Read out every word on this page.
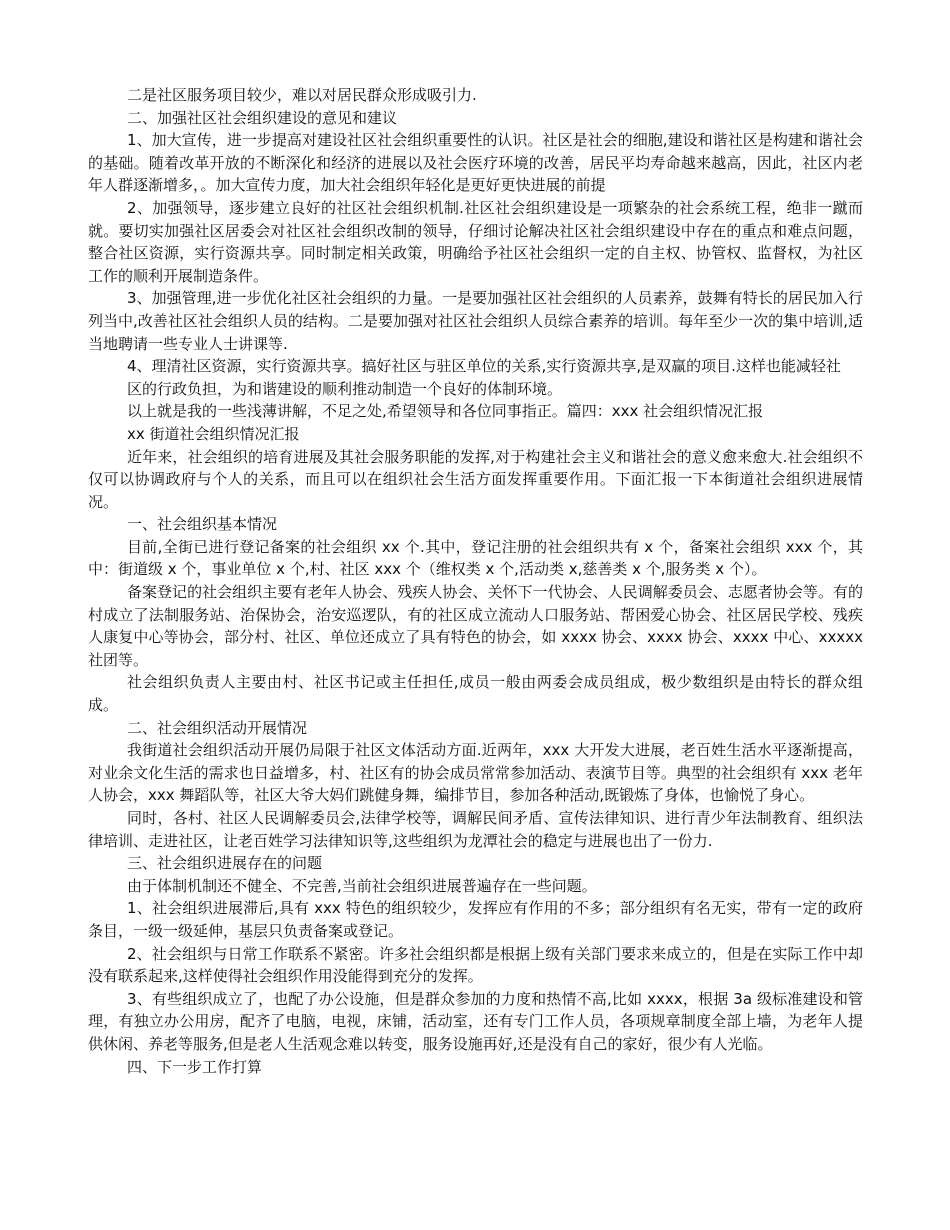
二是社区服务项目较少，难以对居民群众形成吸引力.

二、加强社区社会组织建设的意见和建议

1、加大宣传，进一步提高对建设社区社会组织重要性的认识。社区是社会的细胞,建设和谐社区是构建和谐社会的基础。随着改革开放的不断深化和经济的进展以及社会医疗环境的改善，居民平均寿命越来越高，因此，社区内老年人群逐渐增多，。加大宣传力度，加大社会组织年轻化是更好更快进展的前提

2、加强领导，逐步建立良好的社区社会组织机制.社区社会组织建设是一项繁杂的社会系统工程，绝非一蹴而就。要切实加强社区居委会对社区社会组织改制的领导，仔细讨论解决社区社会组织建设中存在的重点和难点问题，整合社区资源，实行资源共享。同时制定相关政策，明确给予社区社会组织一定的自主权、协管权、监督权，为社区工作的顺利开展制造条件。

3、加强管理,进一步优化社区社会组织的力量。一是要加强社区社会组织的人员素养，鼓舞有特长的居民加入行列当中,改善社区社会组织人员的结构。二是要加强对社区社会组织人员综合素养的培训。每年至少一次的集中培训,适当地聘请一些专业人士讲课等.

4、理清社区资源，实行资源共享。搞好社区与驻区单位的关系,实行资源共享,是双赢的项目.这样也能减轻社

区的行政负担，为和谐建设的顺利推动制造一个良好的体制环境。

以上就是我的一些浅薄讲解，不足之处,希望领导和各位同事指正。篇四：xxx 社会组织情况汇报

xx 街道社会组织情况汇报

近年来，社会组织的培育进展及其社会服务职能的发挥,对于构建社会主义和谐社会的意义愈来愈大.社会组织不仅可以协调政府与个人的关系，而且可以在组织社会生活方面发挥重要作用。下面汇报一下本街道社会组织进展情况。

一、社会组织基本情况

目前,全街已进行登记备案的社会组织 xx 个.其中，登记注册的社会组织共有 x 个，备案社会组织 xxx 个，其中：街道级 x 个，事业单位 x 个,村、社区 xxx 个（维权类 x 个,活动类 x,慈善类 x 个,服务类 x 个）。

备案登记的社会组织主要有老年人协会、残疾人协会、关怀下一代协会、人民调解委员会、志愿者协会等。有的村成立了法制服务站、治保协会，治安巡逻队，有的社区成立流动人口服务站、帮困爱心协会、社区居民学校、残疾人康复中心等协会，部分村、社区、单位还成立了具有特色的协会，如 xxxx 协会、xxxx 协会、xxxx 中心、xxxxx 社团等。

社会组织负责人主要由村、社区书记或主任担任,成员一般由两委会成员组成，极少数组织是由特长的群众组成。

二、社会组织活动开展情况

我街道社会组织活动开展仍局限于社区文体活动方面.近两年，xxx 大开发大进展，老百姓生活水平逐渐提高，对业余文化生活的需求也日益增多，村、社区有的协会成员常常参加活动、表演节目等。典型的社会组织有 xxx 老年人协会，xxx 舞蹈队等，社区大爷大妈们跳健身舞，编排节目，参加各种活动,既锻炼了身体，也愉悦了身心。

同时，各村、社区人民调解委员会,法律学校等，调解民间矛盾、宣传法律知识、进行青少年法制教育、组织法律培训、走进社区，让老百姓学习法律知识等,这些组织为龙潭社会的稳定与进展也出了一份力.

三、社会组织进展存在的问题

由于体制机制还不健全、不完善,当前社会组织进展普遍存在一些问题。

1、社会组织进展滞后,具有 xxx 特色的组织较少，发挥应有作用的不多；部分组织有名无实，带有一定的政府条目，一级一级延伸，基层只负责备案或登记。

2、社会组织与日常工作联系不紧密。许多社会组织都是根据上级有关部门要求来成立的，但是在实际工作中却没有联系起来,这样使得社会组织作用没能得到充分的发挥。

3、有些组织成立了，也配了办公设施，但是群众参加的力度和热情不高,比如 xxxx，根据 3a 级标准建设和管理，有独立办公用房，配齐了电脑，电视，床铺，活动室，还有专门工作人员，各项规章制度全部上墙，为老年人提供休闲、养老等服务,但是老人生活观念难以转变，服务设施再好,还是没有自己的家好，很少有人光临。

四、下一步工作打算
